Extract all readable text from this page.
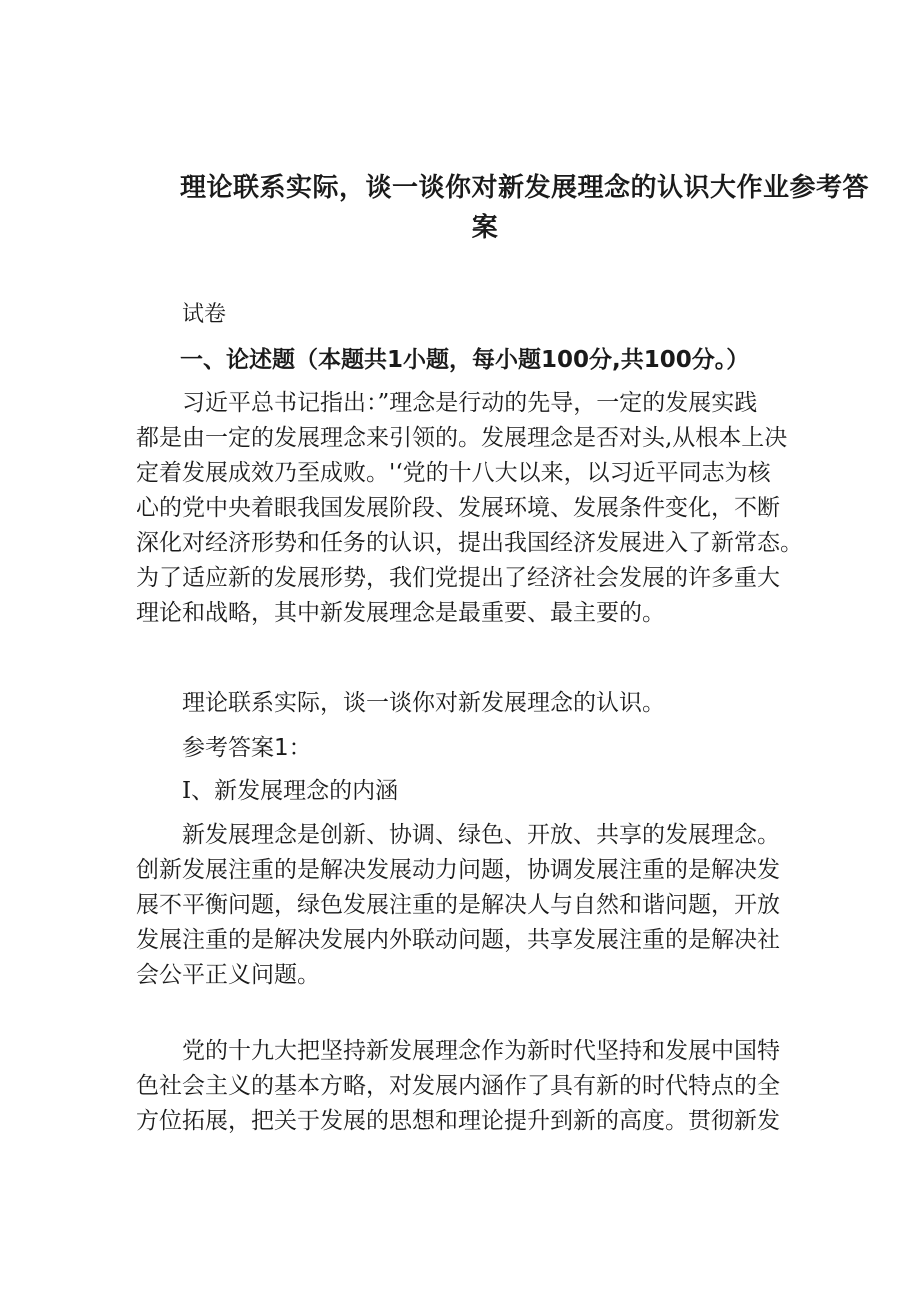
理论联系实际，谈一谈你对新发展理念的认识大作业参考答
案

试卷

一、论述题（本题共1小题，每小题100分,共100分。）

习近平总书记指出：”理念是行动的先导，一定的发展实践
都是由一定的发展理念来引领的。发展理念是否对头,从根本上决
定着发展成效乃至成败。'‘党的十八大以来，以习近平同志为核
心的党中央着眼我国发展阶段、发展环境、发展条件变化，不断
深化对经济形势和任务的认识，提出我国经济发展进入了新常态。
为了适应新的发展形势，我们党提出了经济社会发展的许多重大
理论和战略，其中新发展理念是最重要、最主要的。

理论联系实际，谈一谈你对新发展理念的认识。

参考答案1：

I、新发展理念的内涵

新发展理念是创新、协调、绿色、开放、共享的发展理念。
创新发展注重的是解决发展动力问题，协调发展注重的是解决发
展不平衡问题，绿色发展注重的是解决人与自然和谐问题，开放
发展注重的是解决发展内外联动问题，共享发展注重的是解决社
会公平正义问题。

党的十九大把坚持新发展理念作为新时代坚持和发展中国特
色社会主义的基本方略，对发展内涵作了具有新的时代特点的全
方位拓展，把关于发展的思想和理论提升到新的高度。贯彻新发
